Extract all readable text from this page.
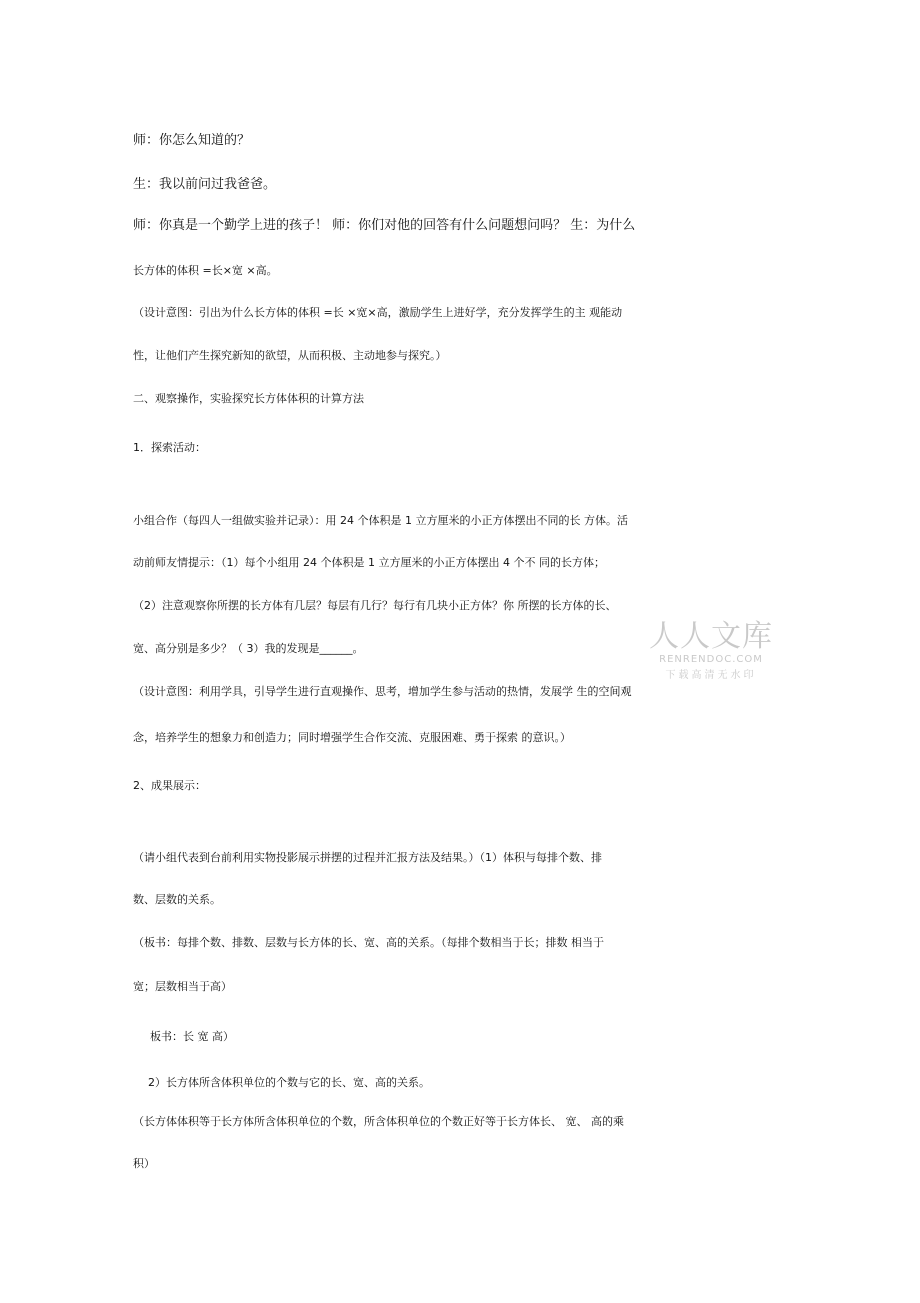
师：你怎么知道的？
生：我以前问过我爸爸。
师：你真是一个勤学上进的孩子！ 师：你们对他的回答有什么问题想问吗？ 生：为什么
长方体的体积 =长×宽 ×高。
（设计意图：引出为什么长方体的体积 =长 ×宽×高，激励学生上进好学，充分发挥学生的主 观能动
性，让他们产生探究新知的欲望，从而积极、主动地参与探究。）
二、观察操作，实验探究长方体体积的计算方法
1．探索活动：
小组合作（每四人一组做实验并记录）：用 24 个体积是 1 立方厘米的小正方体摆出不同的长 方体。活
动前师友情提示：（1）每个小组用 24 个体积是 1 立方厘米的小正方体摆出 4 个不 同的长方体；
（2）注意观察你所摆的长方体有几层？每层有几行？每行有几块小正方体？你 所摆的长方体的长、
宽、高分别是多少？（ 3）我的发现是______。
（设计意图：利用学具，引导学生进行直观操作、思考，增加学生参与活动的热情，发展学 生的空间观
念，培养学生的想象力和创造力；同时增强学生合作交流、克服困难、勇于探索 的意识。）
2、成果展示：
（请小组代表到台前利用实物投影展示拼摆的过程并汇报方法及结果。）（1）体积与每排个数、排
数、层数的关系。
（板书：每排个数、排数、层数与长方体的长、宽、高的关系。（每排个数相当于长；排数 相当于
宽；层数相当于高）
板书：长 宽 高）
2）长方体所含体积单位的个数与它的长、宽、高的关系。
（长方体体积等于长方体所含体积单位的个数，所含体积单位的个数正好等于长方体长、 宽、 高的乘
积）
人人文库
RENRENDOC.COM
下载高清无水印
